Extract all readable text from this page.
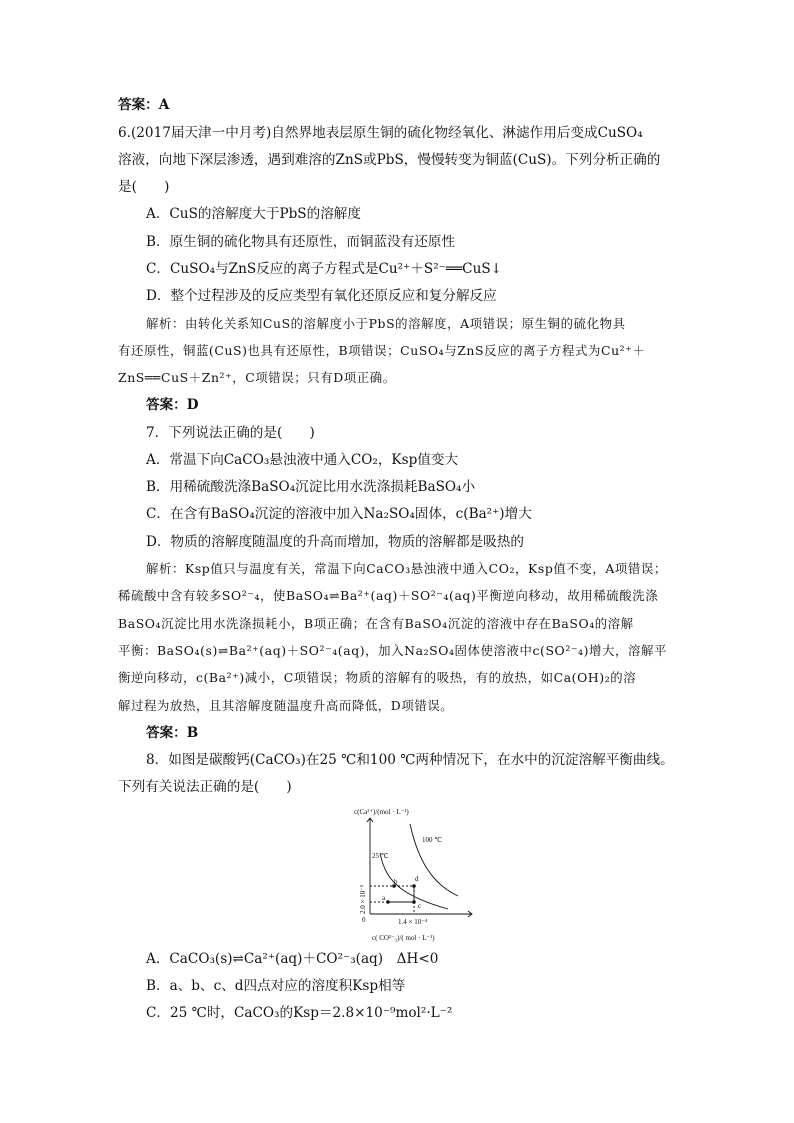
答案：A
6.(2017届天津一中月考)自然界地表层原生铜的硫化物经氧化、淋滤作用后变成CuSO₄
溶液，向地下深层渗透，遇到难溶的ZnS或PbS，慢慢转变为铜蓝(CuS)。下列分析正确的
是(　　)
A．CuS的溶解度大于PbS的溶解度
B．原生铜的硫化物具有还原性，而铜蓝没有还原性
C．CuSO₄与ZnS反应的离子方程式是Cu²⁺＋S²⁻══CuS↓
D．整个过程涉及的反应类型有氧化还原反应和复分解反应
解析：由转化关系知CuS的溶解度小于PbS的溶解度，A项错误；原生铜的硫化物具
有还原性，铜蓝(CuS)也具有还原性，B项错误；CuSO₄与ZnS反应的离子方程式为Cu²⁺＋
ZnS══CuS＋Zn²⁺，C项错误；只有D项正确。
答案：D
7．下列说法正确的是(　　)
A．常温下向CaCO₃悬浊液中通入CO₂，Ksp值变大
B．用稀硫酸洗涤BaSO₄沉淀比用水洗涤损耗BaSO₄小
C．在含有BaSO₄沉淀的溶液中加入Na₂SO₄固体，c(Ba²⁺)增大
D．物质的溶解度随温度的升高而增加，物质的溶解都是吸热的
解析：Ksp值只与温度有关，常温下向CaCO₃悬浊液中通入CO₂，Ksp值不变，A项错误；
稀硫酸中含有较多SO²⁻₄，使BaSO₄⇌Ba²⁺(aq)＋SO²⁻₄(aq)平衡逆向移动，故用稀硫酸洗涤
BaSO₄沉淀比用水洗涤损耗小，B项正确；在含有BaSO₄沉淀的溶液中存在BaSO₄的溶解
平衡：BaSO₄(s)⇌Ba²⁺(aq)＋SO²⁻₄(aq)，加入Na₂SO₄固体使溶液中c(SO²⁻₄)增大，溶解平
衡逆向移动，c(Ba²⁺)减小，C项错误；物质的溶解有的吸热，有的放热，如Ca(OH)₂的溶
解过程为放热，且其溶解度随温度升高而降低，D项错误。
答案：B
8．如图是碳酸钙(CaCO₃)在25 ℃和100 ℃两种情况下，在水中的沉淀溶解平衡曲线。
下列有关说法正确的是(　　)
c(Ca²⁺)/(mol · L⁻¹)
c( CO²⁻₃)/( mol · L⁻¹)
0	1.4 × 10⁻⁴
2.0 × 10⁻⁵
25 ℃
100 ℃
a
b
c
d
A．CaCO₃(s)⇌Ca²⁺(aq)＋CO²⁻₃(aq)　ΔH<0
B．a、b、c、d四点对应的溶度积Ksp相等
C．25 ℃时，CaCO₃的Ksp＝2.8×10⁻⁹mol²·L⁻²
